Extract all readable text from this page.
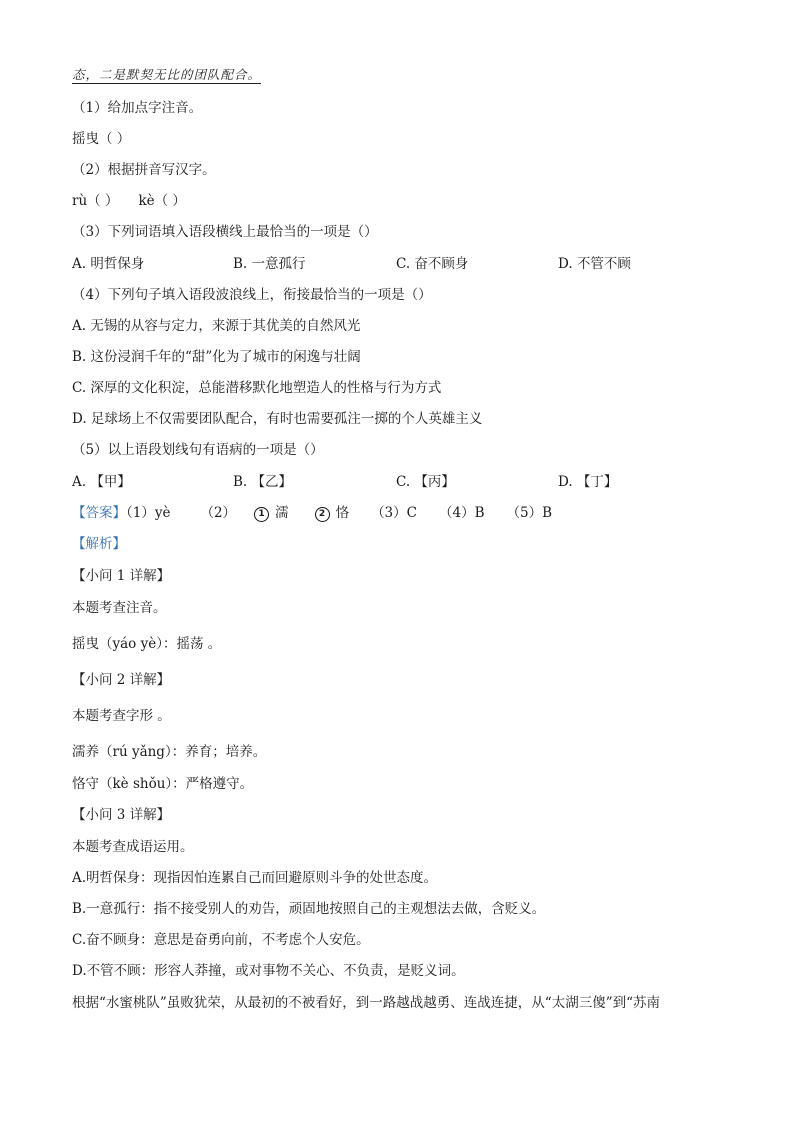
态，二是默契无比的团队配合。
（1）给加点字注音。
摇曳（ ）
（2）根据拼音写汉字。
rù（ ） kè（ ）
（3）下列词语填入语段横线上最恰当的一项是（）
A. 明哲保身	B. 一意孤行	C. 奋不顾身	D. 不管不顾
（4）下列句子填入语段波浪线上，衔接最恰当的一项是（）
A. 无锡的从容与定力，来源于其优美的自然风光
B. 这份浸润千年的“甜”化为了城市的闲逸与壮阔
C. 深厚的文化积淀，总能潜移默化地塑造人的性格与行为方式
D. 足球场上不仅需要团队配合，有时也需要孤注一掷的个人英雄主义
（5）以上语段划线句有语病的一项是（）
A. 【甲】	B. 【乙】	C. 【丙】	D. 【丁】
【答案】（1）yè （2） 1 濡	2 恪 （3）C （4）B （5）B
【解析】
【小问 1 详解】
本题考查注音。
摇曳（yáo yè）：摇荡 。
【小问 2 详解】
本题考查字形 。
濡养（rú yǎng）：养育；培养。
恪守（kè shǒu）：严格遵守。
【小问 3 详解】
本题考查成语运用。
A.明哲保身：现指因怕连累自己而回避原则斗争的处世态度。
B.一意孤行：指不接受别人的劝告，顽固地按照自己的主观想法去做，含贬义。
C.奋不顾身：意思是奋勇向前，不考虑个人安危。
D.不管不顾：形容人莽撞，或对事物不关心、不负责，是贬义词。
根据“水蜜桃队”虽败犹荣，从最初的不被看好，到一路越战越勇、连战连捷，从“太湖三傻”到“苏南
